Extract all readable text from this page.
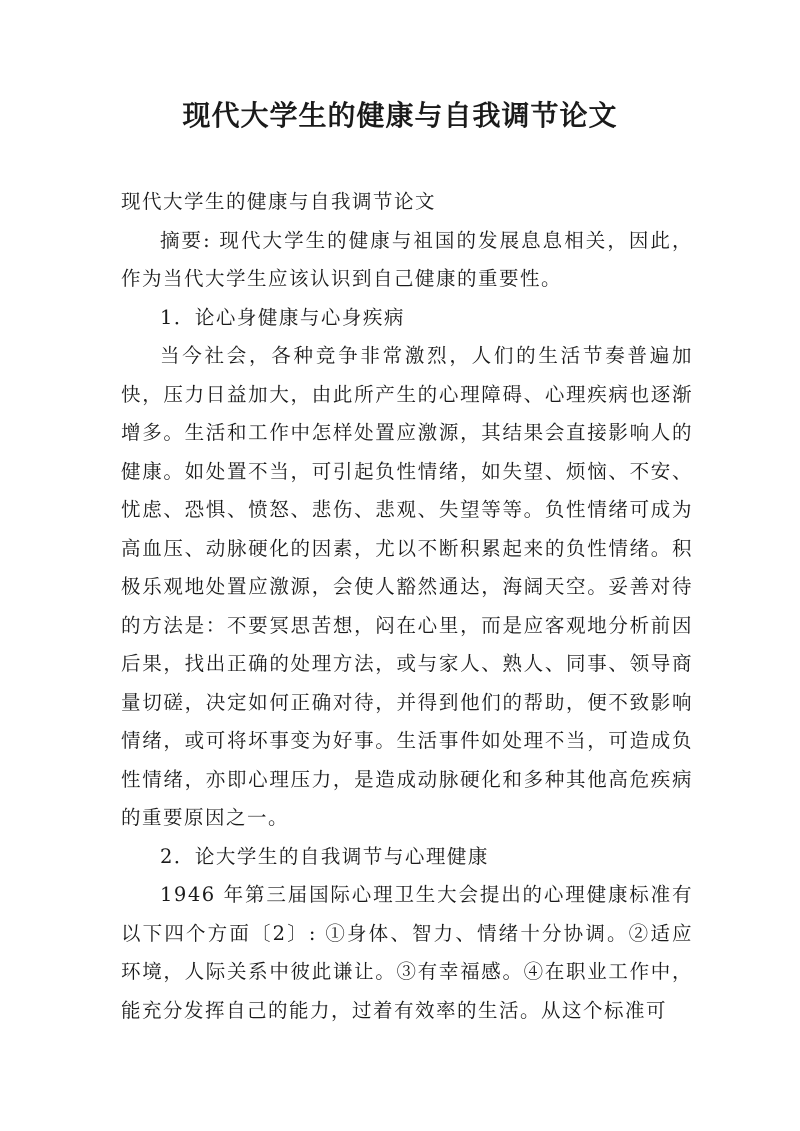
现代大学生的健康与自我调节论文

现代大学生的健康与自我调节论文

摘要: 现代大学生的健康与祖国的发展息息相关，因此，作为当代大学生应该认识到自己健康的重要性。

1．论心身健康与心身疾病

当今社会，各种竞争非常激烈，人们的生活节奏普遍加快，压力日益加大，由此所产生的心理障碍、心理疾病也逐渐增多。生活和工作中怎样处置应激源，其结果会直接影响人的健康。如处置不当，可引起负性情绪，如失望、烦恼、不安、忧虑、恐惧、愤怒、悲伤、悲观、失望等等。负性情绪可成为高血压、动脉硬化的因素，尤以不断积累起来的负性情绪。积极乐观地处置应激源，会使人豁然通达，海阔天空。妥善对待的方法是：不要冥思苦想，闷在心里，而是应客观地分析前因后果，找出正确的处理方法，或与家人、熟人、同事、领导商量切磋，决定如何正确对待，并得到他们的帮助，便不致影响情绪，或可将坏事变为好事。生活事件如处理不当，可造成负性情绪，亦即心理压力，是造成动脉硬化和多种其他高危疾病的重要原因之一。

2．论大学生的自我调节与心理健康

1946 年第三届国际心理卫生大会提出的心理健康标准有以下四个方面〔2〕: ①身体、智力、情绪十分协调。②适应环境，人际关系中彼此谦让。③有幸福感。④在职业工作中，能充分发挥自己的能力，过着有效率的生活。从这个标准可
